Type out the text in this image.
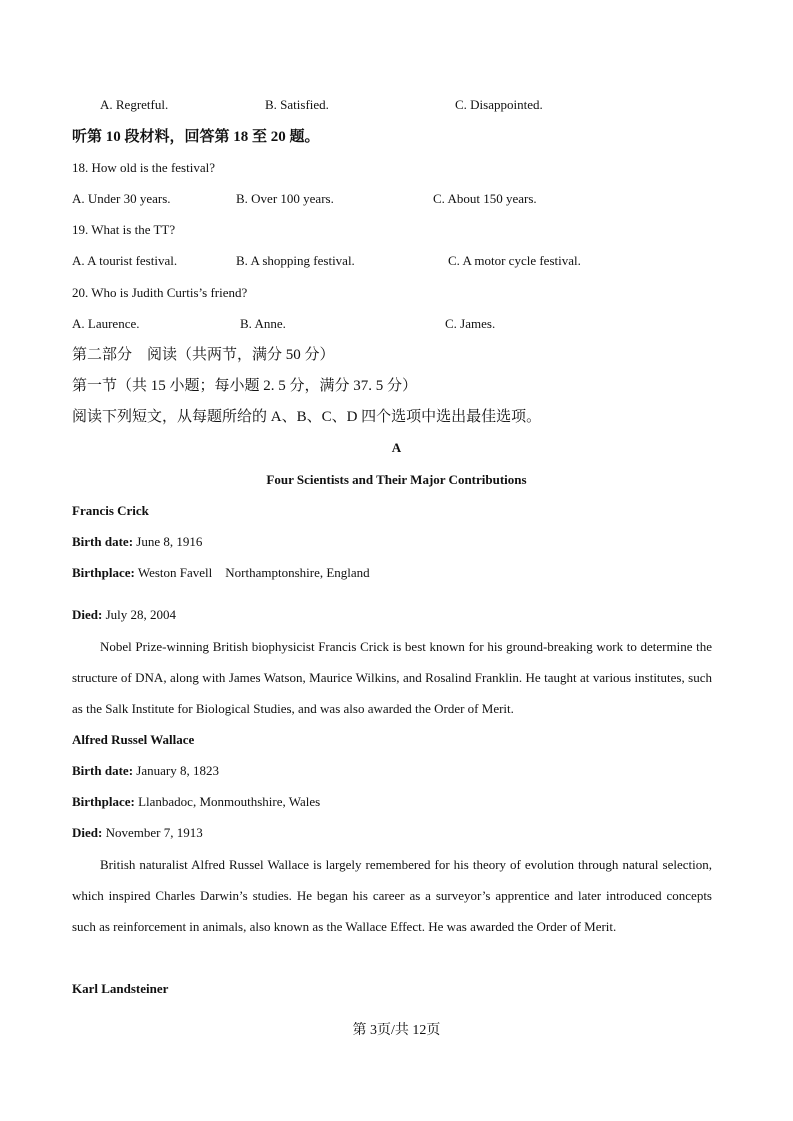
A. Regretful.	B. Satisfied.	C. Disappointed.
听第 10 段材料，回答第 18 至 20 题。
18. How old is the festival?
A. Under 30 years.	B. Over 100 years.	C. About 150 years.
19. What is the TT?
A. A tourist festival.	B. A shopping festival.	C. A motor cycle festival.
20. Who is Judith Curtis’s friend?
A. Laurence.	B. Anne.	C. James.
第二部分　阅读（共两节，满分 50 分）
第一节（共 15 小题；每小题 2. 5 分，满分 37. 5 分）
阅读下列短文，从每题所给的 A、B、C、D 四个选项中选出最佳选项。
A
Four Scientists and Their Major Contributions
Francis Crick
Birth date: June 8, 1916
Birthplace: Weston Favell　Northamptonshire, England
Died: July 28, 2004
Nobel Prize-winning British biophysicist Francis Crick is best known for his ground-breaking work to determine the structure of DNA, along with James Watson, Maurice Wilkins, and Rosalind Franklin. He taught at various institutes, such as the Salk Institute for Biological Studies, and was also awarded the Order of Merit.
Alfred Russel Wallace
Birth date: January 8, 1823
Birthplace: Llanbadoc, Monmouthshire, Wales
Died: November 7, 1913
British naturalist Alfred Russel Wallace is largely remembered for his theory of evolution through natural selection, which inspired Charles Darwin’s studies. He began his career as a surveyor’s apprentice and later introduced concepts such as reinforcement in animals, also known as the Wallace Effect. He was awarded the Order of Merit.
Karl Landsteiner
第 3页/共 12页
